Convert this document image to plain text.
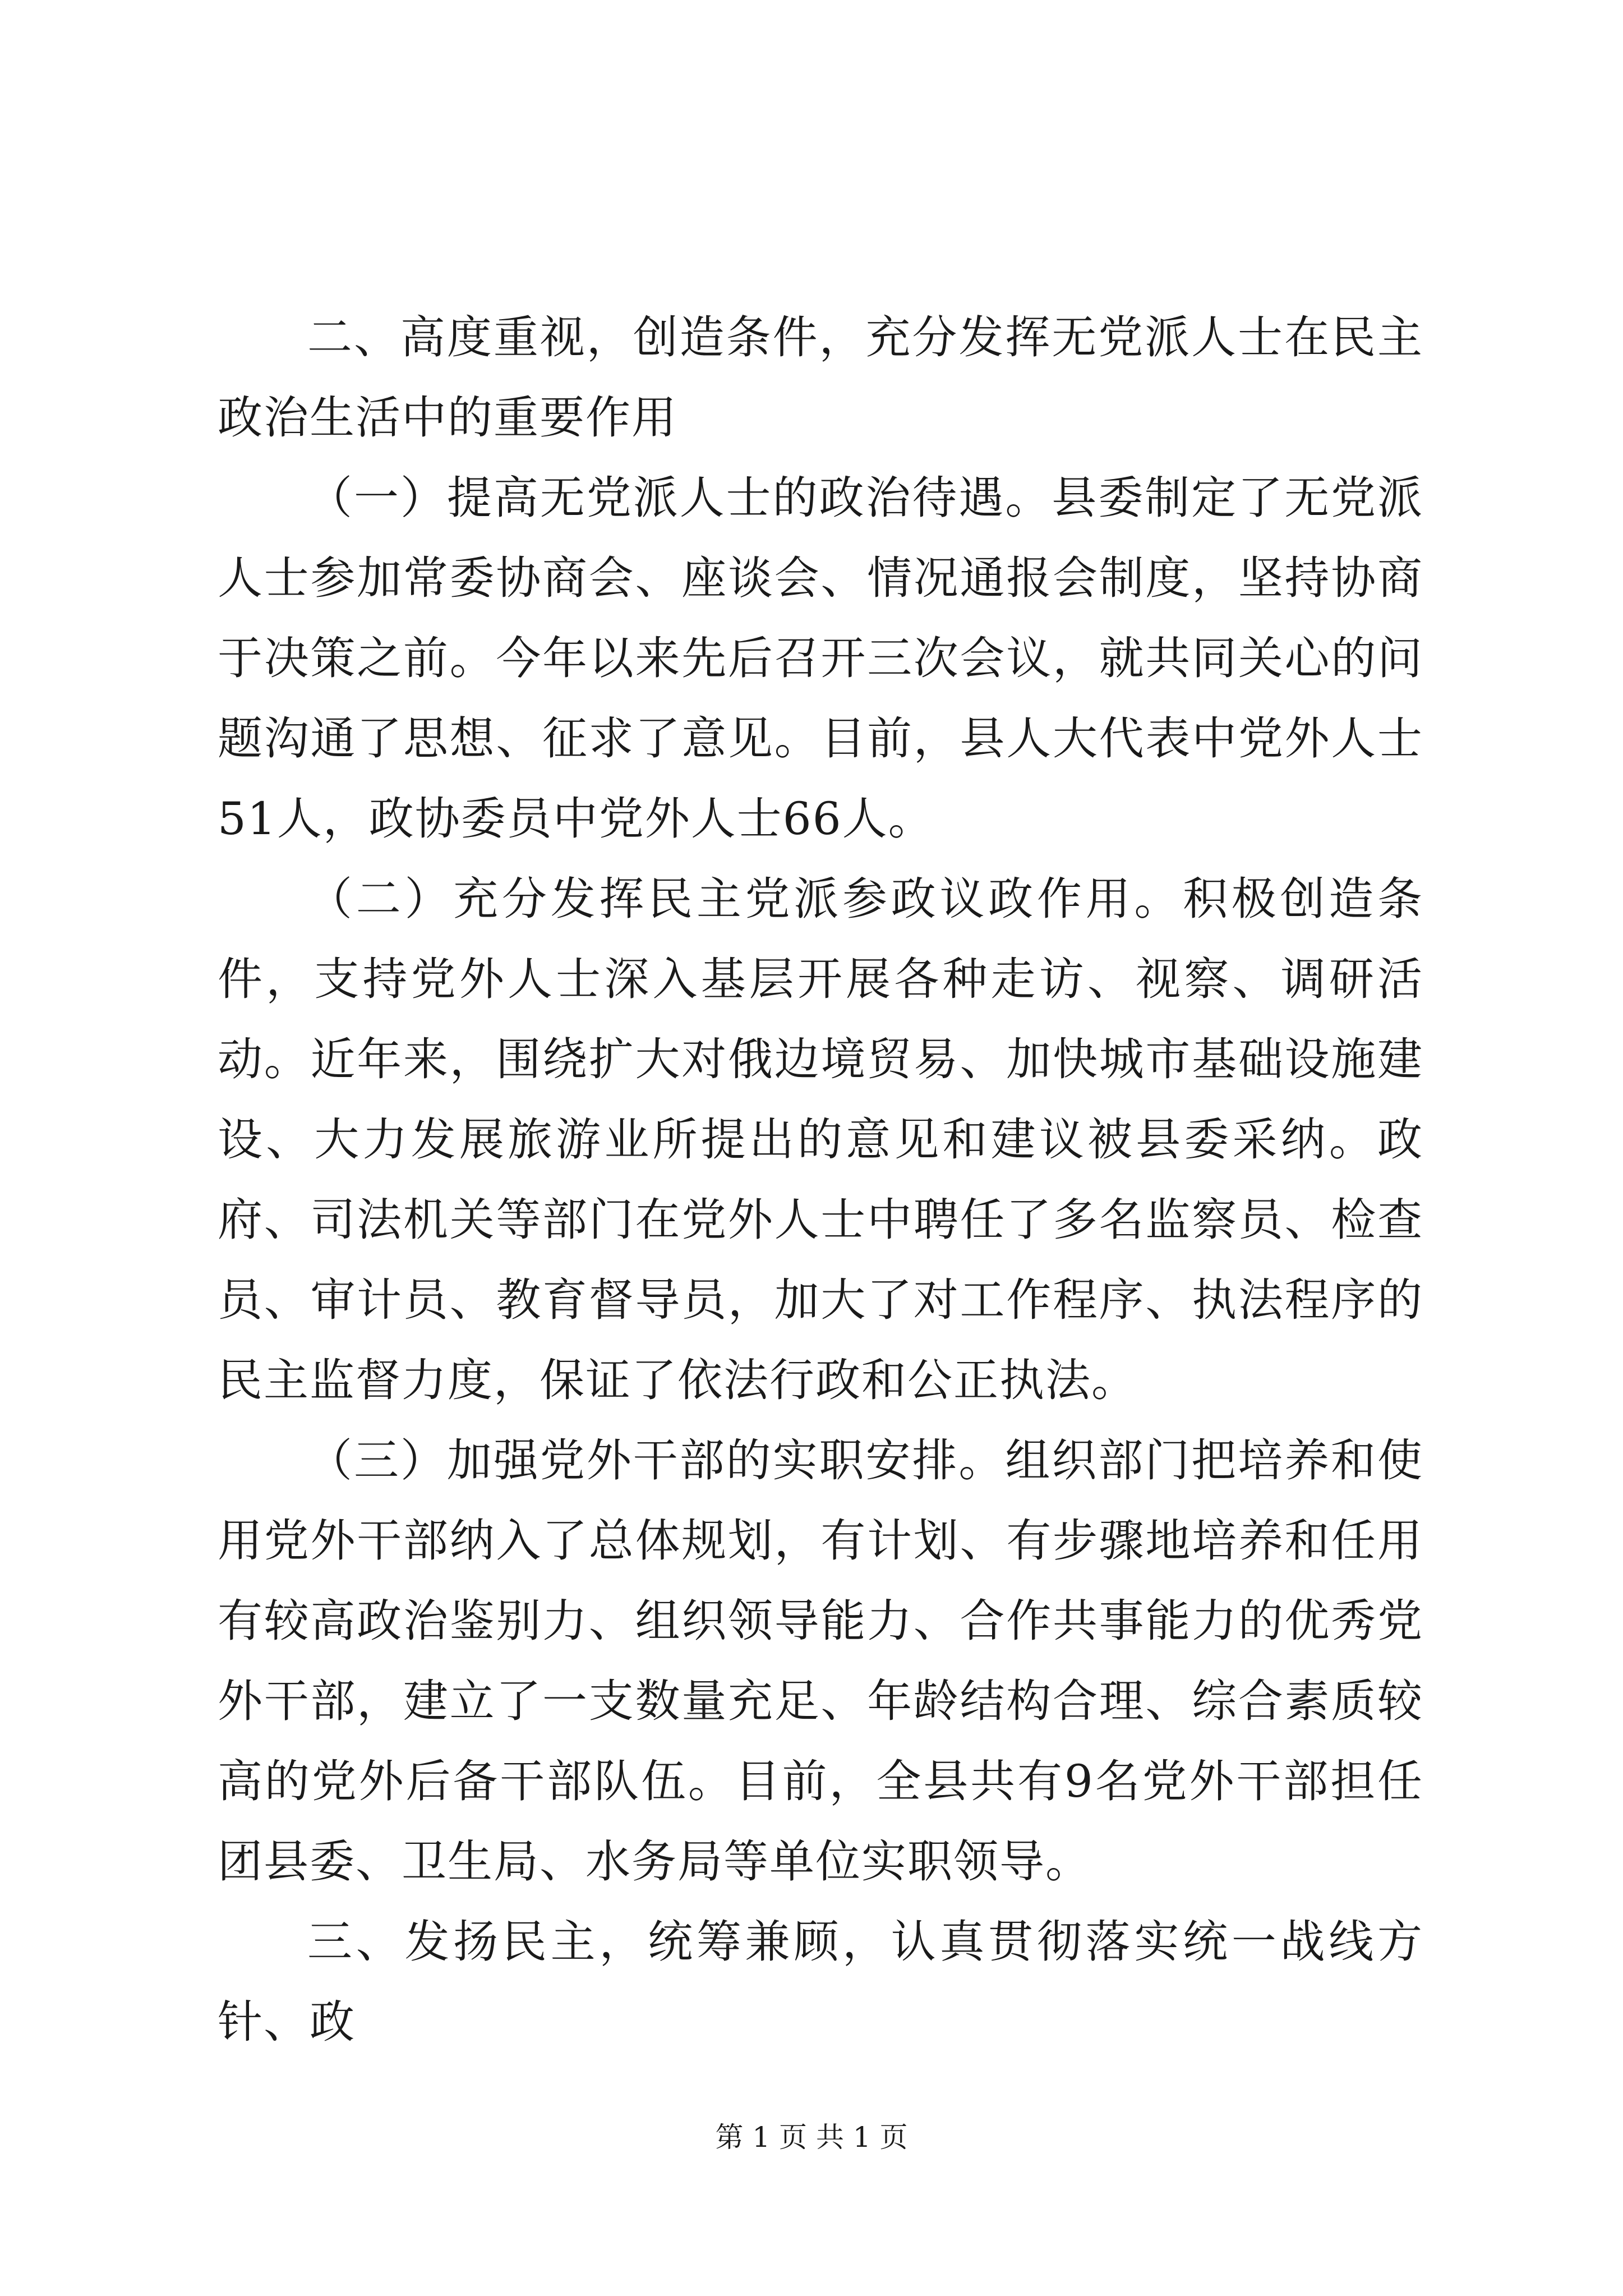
二、高度重视，创造条件，充分发挥无党派人士在民主政治生活中的重要作用

（一）提高无党派人士的政治待遇。县委制定了无党派人士参加常委协商会、座谈会、情况通报会制度，坚持协商于决策之前。今年以来先后召开三次会议，就共同关心的问题沟通了思想、征求了意见。目前，县人大代表中党外人士51人，政协委员中党外人士66人。

（二）充分发挥民主党派参政议政作用。积极创造条件，支持党外人士深入基层开展各种走访、视察、调研活动。近年来，围绕扩大对俄边境贸易、加快城市基础设施建设、大力发展旅游业所提出的意见和建议被县委采纳。政府、司法机关等部门在党外人士中聘任了多名监察员、检查员、审计员、教育督导员，加大了对工作程序、执法程序的民主监督力度，保证了依法行政和公正执法。

（三）加强党外干部的实职安排。组织部门把培养和使用党外干部纳入了总体规划，有计划、有步骤地培养和任用有较高政治鉴别力、组织领导能力、合作共事能力的优秀党外干部，建立了一支数量充足、年龄结构合理、综合素质较高的党外后备干部队伍。目前，全县共有9名党外干部担任团县委、卫生局、水务局等单位实职领导。

三、发扬民主，统筹兼顾，认真贯彻落实统一战线方针、政

第 1 页 共 1 页
